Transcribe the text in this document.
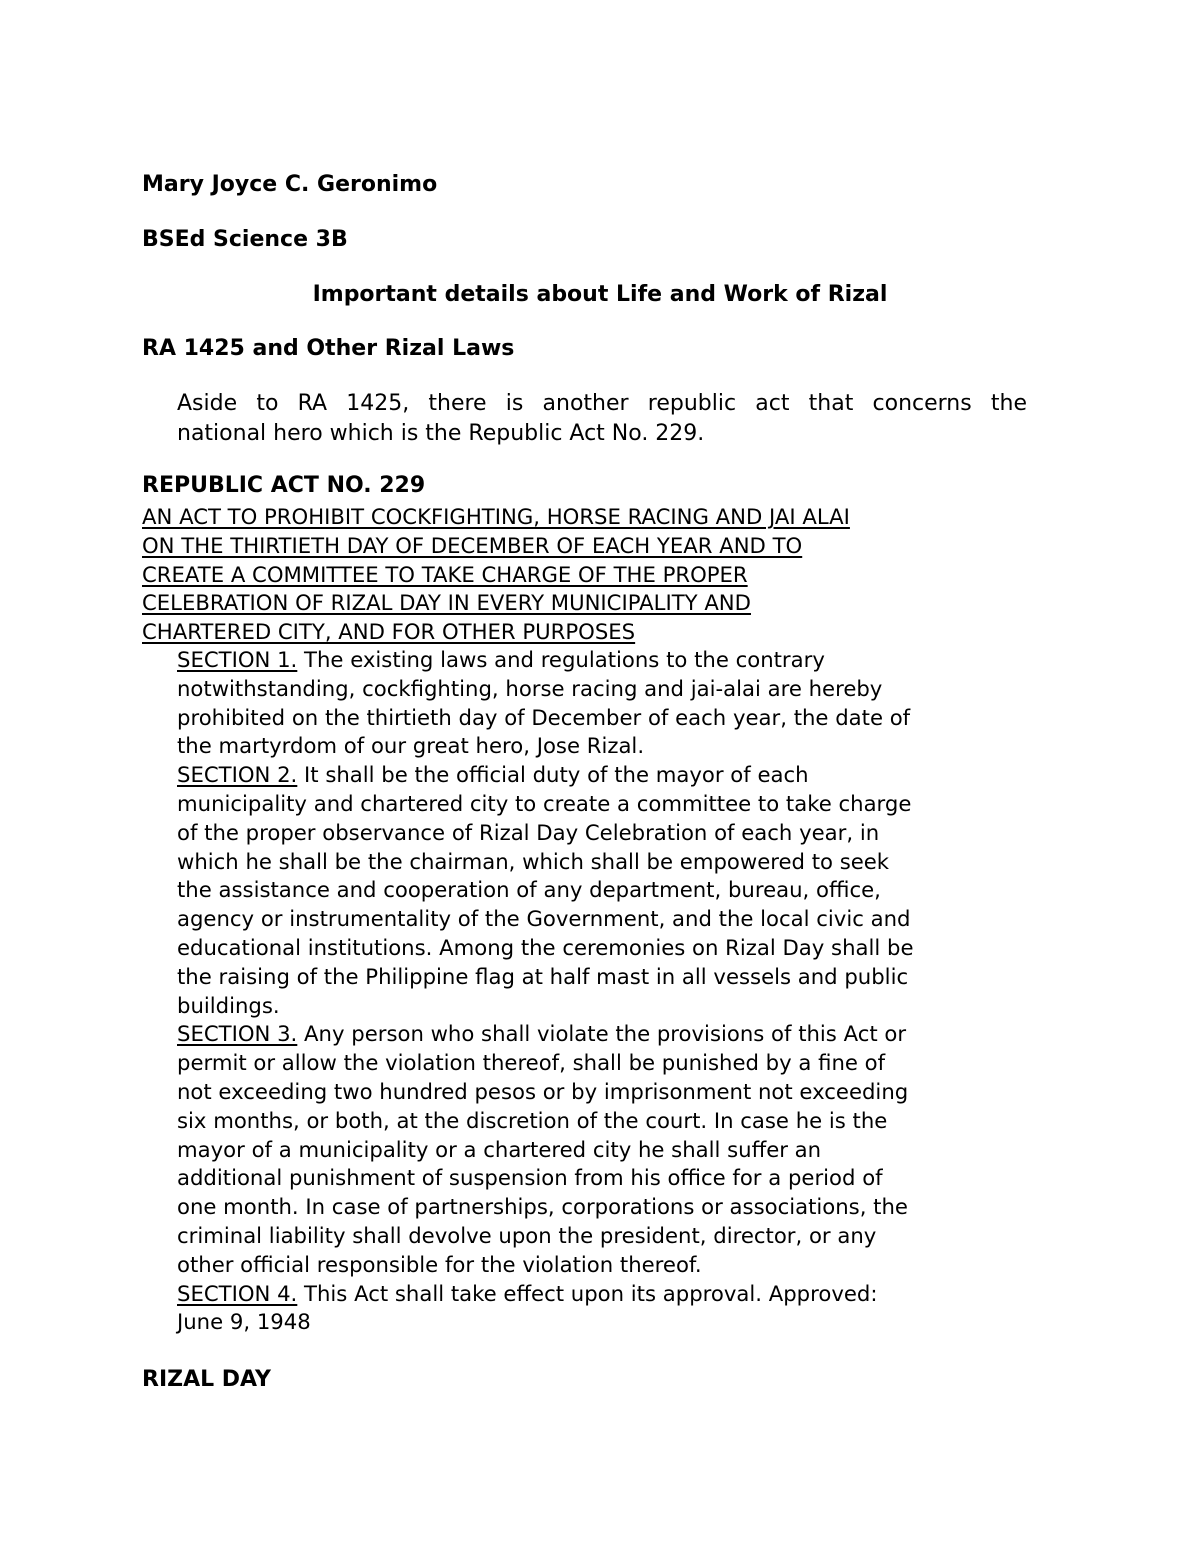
Mary Joyce C. Geronimo
BSEd Science 3B
Important details about Life and Work of Rizal
RA 1425 and Other Rizal Laws
Aside to RA 1425, there is another republic act that concerns the
national hero which is the Republic Act No. 229.
REPUBLIC ACT NO. 229
AN ACT TO PROHIBIT COCKFIGHTING, HORSE RACING AND JAI ALAI
ON THE THIRTIETH DAY OF DECEMBER OF EACH YEAR AND TO
CREATE A COMMITTEE TO TAKE CHARGE OF THE PROPER
CELEBRATION OF RIZAL DAY IN EVERY MUNICIPALITY AND
CHARTERED CITY, AND FOR OTHER PURPOSES
SECTION 1. The existing laws and regulations to the contrary
notwithstanding, cockfighting, horse racing and jai-alai are hereby
prohibited on the thirtieth day of December of each year, the date of
the martyrdom of our great hero, Jose Rizal.
SECTION 2. It shall be the official duty of the mayor of each
municipality and chartered city to create a committee to take charge
of the proper observance of Rizal Day Celebration of each year, in
which he shall be the chairman, which shall be empowered to seek
the assistance and cooperation of any department, bureau, office,
agency or instrumentality of the Government, and the local civic and
educational institutions. Among the ceremonies on Rizal Day shall be
the raising of the Philippine flag at half mast in all vessels and public
buildings.
SECTION 3. Any person who shall violate the provisions of this Act or
permit or allow the violation thereof, shall be punished by a fine of
not exceeding two hundred pesos or by imprisonment not exceeding
six months, or both, at the discretion of the court. In case he is the
mayor of a municipality or a chartered city he shall suffer an
additional punishment of suspension from his office for a period of
one month. In case of partnerships, corporations or associations, the
criminal liability shall devolve upon the president, director, or any
other official responsible for the violation thereof.
SECTION 4. This Act shall take effect upon its approval. Approved:
June 9, 1948
RIZAL DAY
